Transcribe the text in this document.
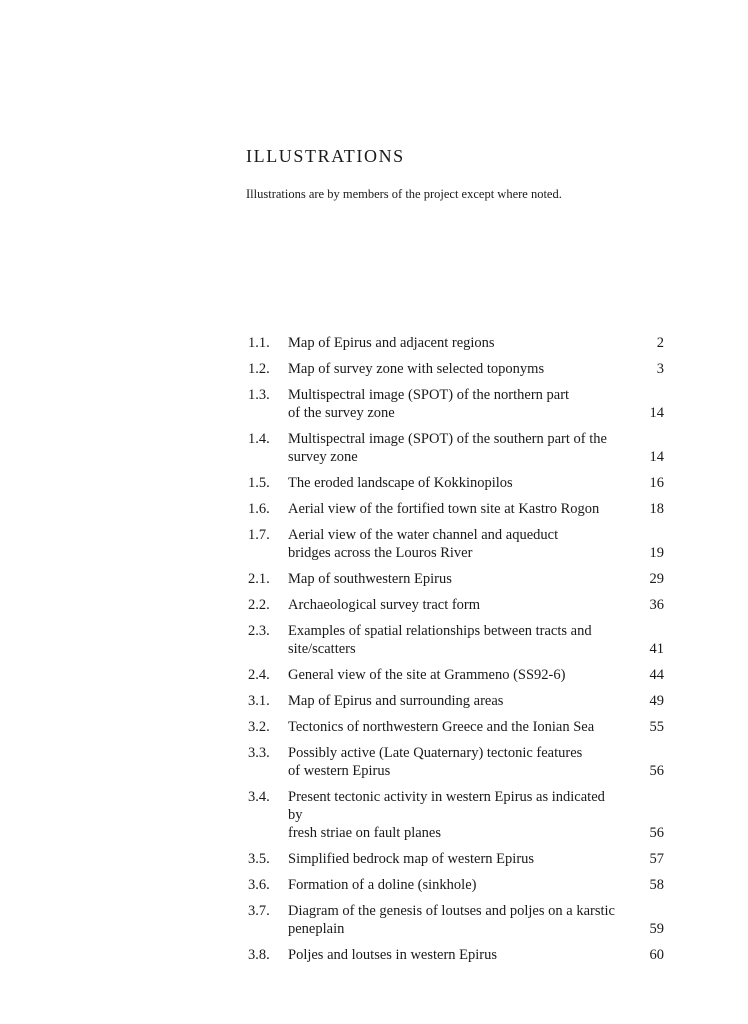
ILLUSTRATIONS

Illustrations are by members of the project except where noted.

1.1.	Map of Epirus and adjacent regions	2
1.2.	Map of survey zone with selected toponyms	3
1.3.	Multispectral image (SPOT) of the northern part
of the survey zone	14
1.4.	Multispectral image (SPOT) of the southern part of the
survey zone	14
1.5.	The eroded landscape of Kokkinopilos	16
1.6.	Aerial view of the fortified town site at Kastro Rogon	18
1.7.	Aerial view of the water channel and aqueduct
bridges across the Louros River	19
2.1.	Map of southwestern Epirus	29
2.2.	Archaeological survey tract form	36
2.3.	Examples of spatial relationships between tracts and
site/scatters	41
2.4.	General view of the site at Grammeno (SS92-6)	44
3.1.	Map of Epirus and surrounding areas	49
3.2.	Tectonics of northwestern Greece and the Ionian Sea	55
3.3.	Possibly active (Late Quaternary) tectonic features
of western Epirus	56
3.4.	Present tectonic activity in western Epirus as indicated by
fresh striae on fault planes	56
3.5.	Simplified bedrock map of western Epirus	57
3.6.	Formation of a doline (sinkhole)	58
3.7.	Diagram of the genesis of loutses and poljes on a karstic
peneplain	59
3.8.	Poljes and loutses in western Epirus	60
